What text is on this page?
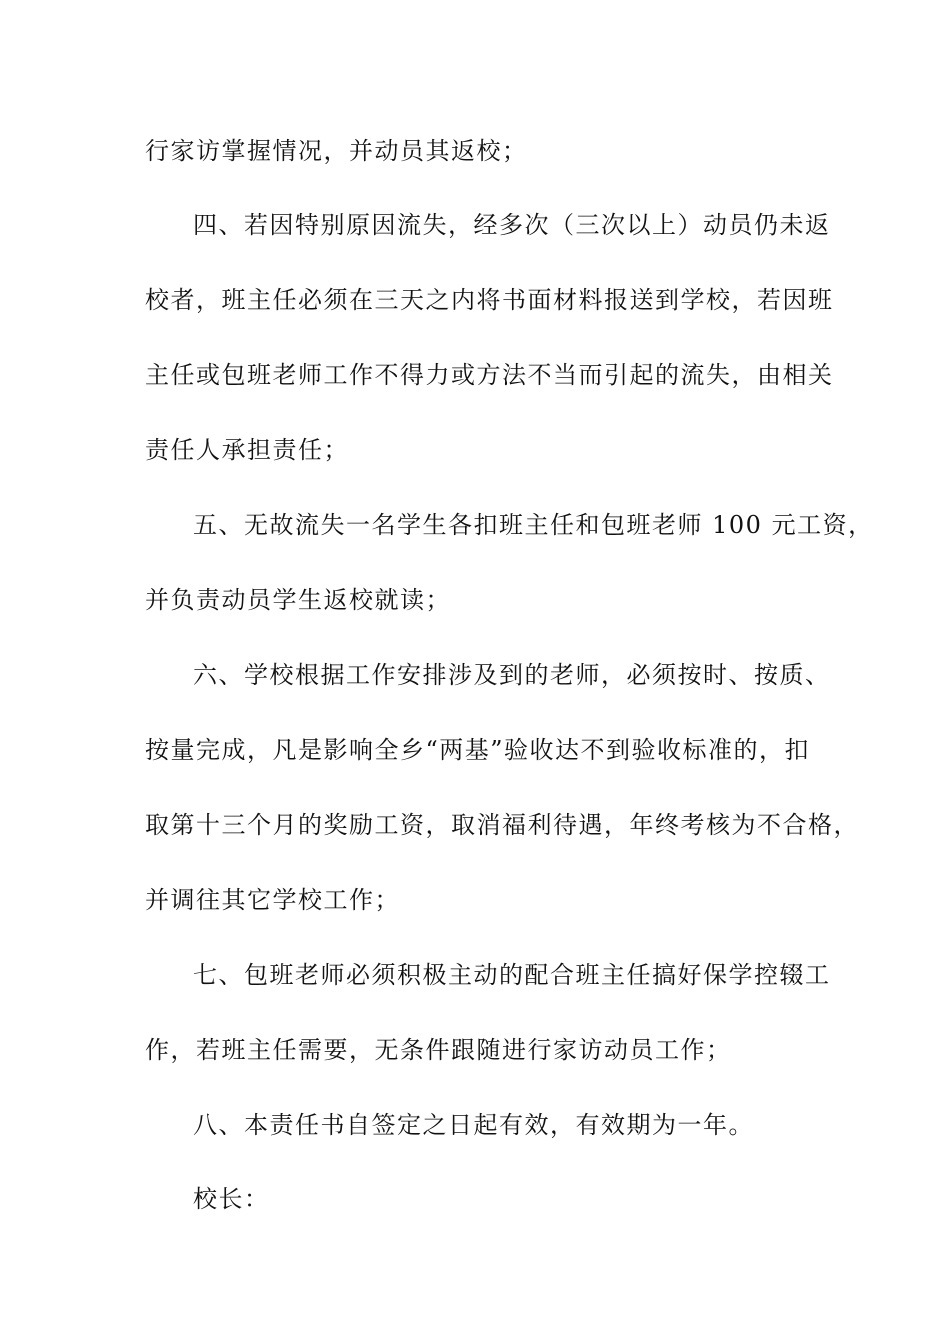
行家访掌握情况，并动员其返校；
四、若因特别原因流失，经多次（三次以上）动员仍未返
校者，班主任必须在三天之内将书面材料报送到学校，若因班
主任或包班老师工作不得力或方法不当而引起的流失，由相关
责任人承担责任；
五、无故流失一名学生各扣班主任和包班老师 100 元工资，
并负责动员学生返校就读；
六、学校根据工作安排涉及到的老师，必须按时、按质、
按量完成，凡是影响全乡“两基”验收达不到验收标准的，扣
取第十三个月的奖励工资，取消福利待遇，年终考核为不合格，
并调往其它学校工作；
七、包班老师必须积极主动的配合班主任搞好保学控辍工
作，若班主任需要，无条件跟随进行家访动员工作；
八、本责任书自签定之日起有效，有效期为一年。
校长：
